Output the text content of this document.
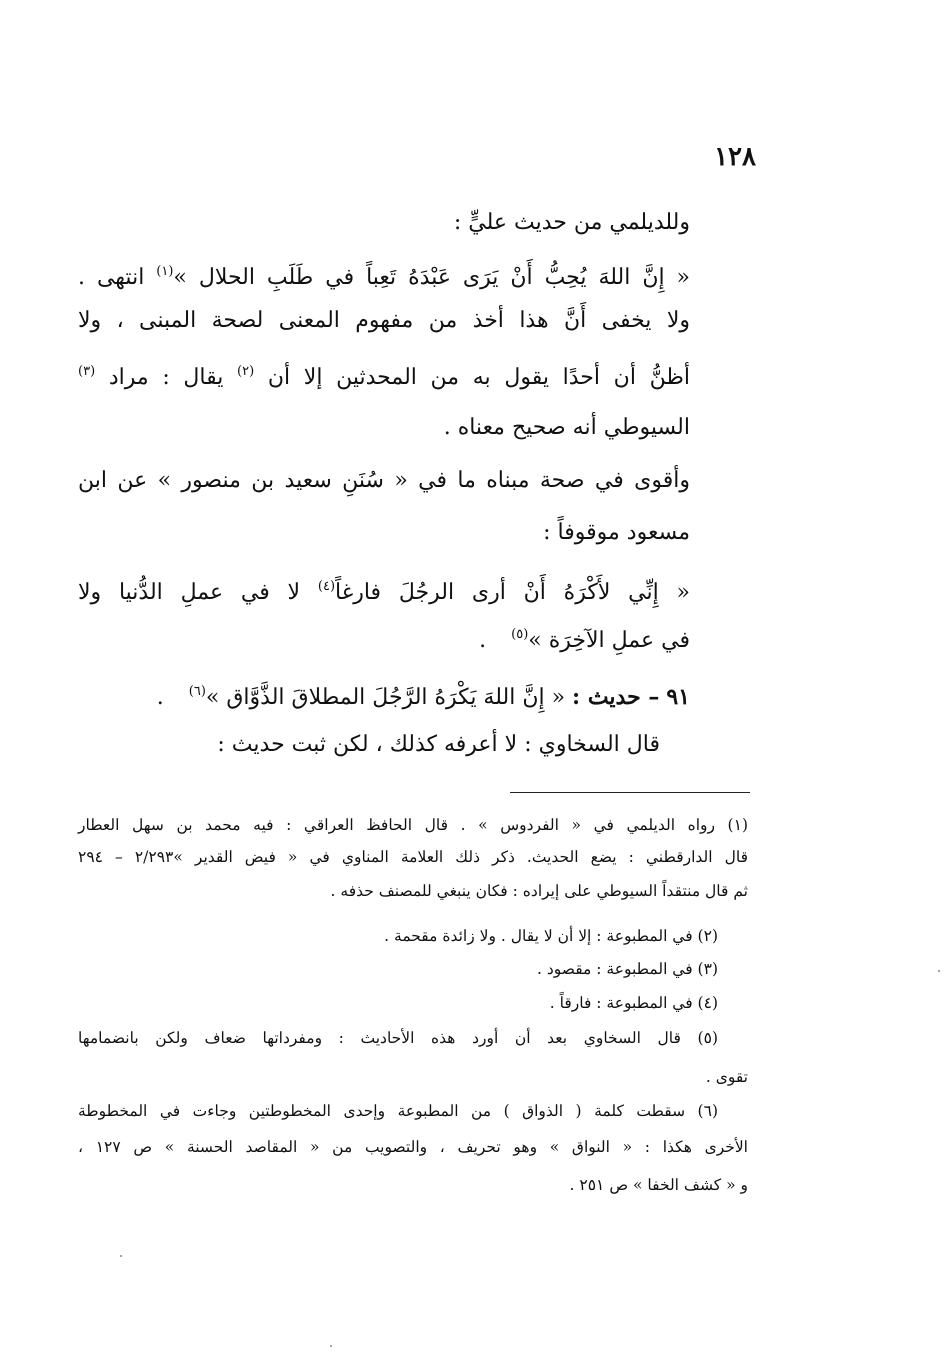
١٢٨
وللديلمي من حديث عليٍّ :
« إِنَّ اللهَ يُحِبُّ أَنْ يَرَى عَبْدَهُ تَعِباً في طَلَبِ الحلال »$^{(١)}$ انتهى .
ولا يخفى أَنَّ هذا أخذ من مفهوم المعنى لصحة المبنى ، ولا
أظنُّ أن أحدًا يقول به من المحدثين إلا أن $^{(٢)}$ يقال : مراد $^{(٣)}$
السيوطي أنه صحيح معناه .
وأقوى في صحة مبناه ما في « سُنَنِ سعيد بن منصور » عن ابن
مسعود موقوفاً :
« إِنِّي لأَكْرَهُ أَنْ أرى الرجُلَ فارغاً$^{(٤)}$ لا في عملِ الدُّنيا ولا
في عملِ الآخِرَة »$^{(٥)}$ .
٩١ – حديث : « إِنَّ اللهَ يَكْرَهُ الرَّجُلَ المطلاقَ الذَّوَّاق »$^{(٦)}$ .
قال السخاوي : لا أعرفه كذلك ، لكن ثبت حديث :
(١) رواه الديلمي في « الفردوس » . قال الحافظ العراقي : فيه محمد بن سهل العطار
قال الدارقطني : يضع الحديث. ذكر ذلك العلامة المناوي في « فيض القدير »٢/٢٩٣ – ٢٩٤
ثم قال منتقداً السيوطي على إيراده : فكان ينبغي للمصنف حذفه .
(٢) في المطبوعة : إلا أن لا يقال . ولا زائدة مقحمة .
(٣) في المطبوعة : مقصود .
(٤) في المطبوعة : فارقاً .
(٥) قال السخاوي بعد أن أورد هذه الأحاديث : ومفرداتها ضعاف ولكن بانضمامها
تقوى .
(٦) سقطت كلمة ( الذواق ) من المطبوعة وإحدى المخطوطتين وجاءت في المخطوطة
الأخرى هكذا : « النواق » وهو تحريف ، والتصويب من « المقاصد الحسنة » ص ١٢٧ ،
و « كشف الخفا » ص ٢٥١ .
